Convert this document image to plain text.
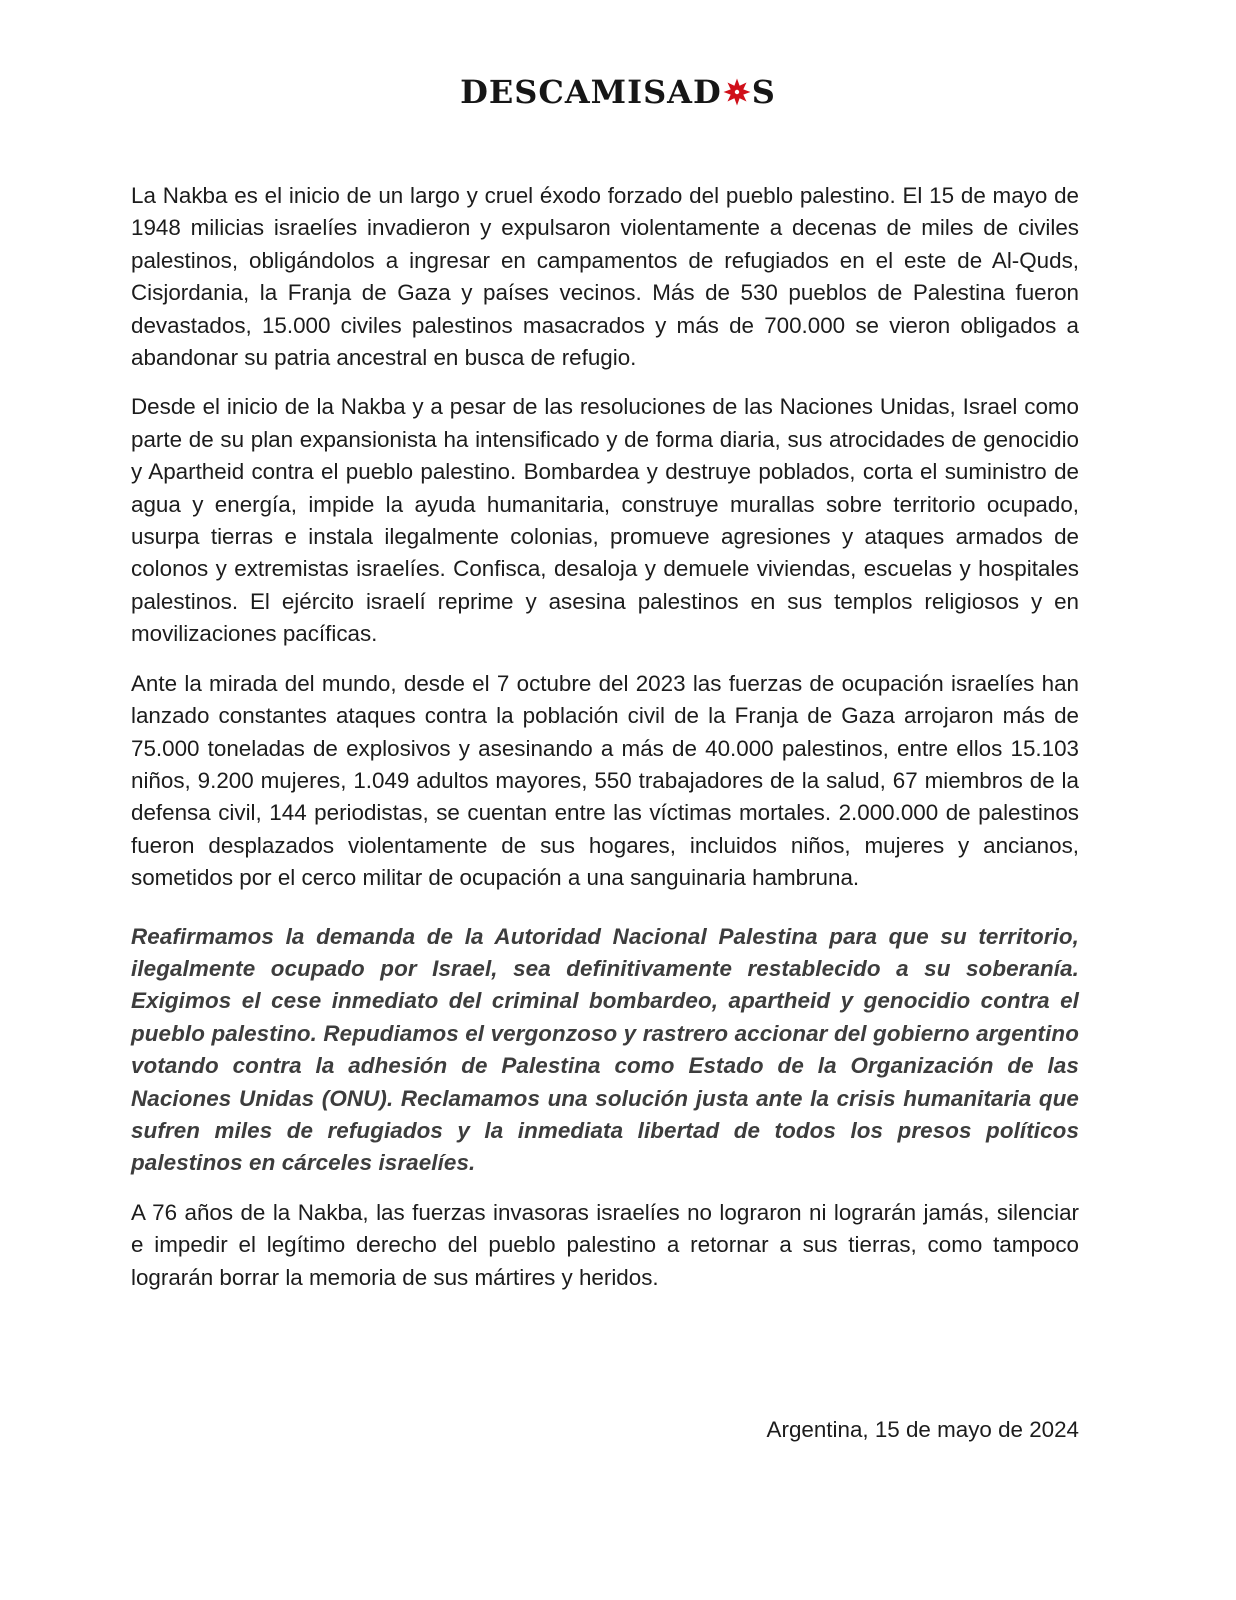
DESCAMISAD S

La Nakba es el inicio de un largo y cruel éxodo forzado del pueblo palestino. El 15 de mayo de 1948 milicias israelíes invadieron y expulsaron violentamente a decenas de miles de civiles palestinos, obligándolos a ingresar en campamentos de refugiados en el este de Al-Quds, Cisjordania, la Franja de Gaza y países vecinos. Más de 530 pueblos de Palestina fueron devastados, 15.000 civiles palestinos masacrados y más de 700.000 se vieron obligados a abandonar su patria ancestral en busca de refugio.

Desde el inicio de la Nakba y a pesar de las resoluciones de las Naciones Unidas, Israel como parte de su plan expansionista ha intensificado y de forma diaria, sus atrocidades de genocidio y Apartheid contra el pueblo palestino. Bombardea y destruye poblados, corta el suministro de agua y energía, impide la ayuda humanitaria, construye murallas sobre territorio ocupado, usurpa tierras e instala ilegalmente colonias, promueve agresiones y ataques armados de colonos y extremistas israelíes. Confisca, desaloja y demuele viviendas, escuelas y hospitales palestinos. El ejército israelí reprime y asesina palestinos en sus templos religiosos y en movilizaciones pacíficas.

Ante la mirada del mundo, desde el 7 octubre del 2023 las fuerzas de ocupación israelíes han lanzado constantes ataques contra la población civil de la Franja de Gaza arrojaron más de 75.000 toneladas de explosivos y asesinando a más de 40.000 palestinos, entre ellos 15.103 niños, 9.200 mujeres, 1.049 adultos mayores, 550 trabajadores de la salud, 67 miembros de la defensa civil, 144 periodistas, se cuentan entre las víctimas mortales. 2.000.000 de palestinos fueron desplazados violentamente de sus hogares, incluidos niños, mujeres y ancianos, sometidos por el cerco militar de ocupación a una sanguinaria hambruna.

Reafirmamos la demanda de la Autoridad Nacional Palestina para que su territorio, ilegalmente ocupado por Israel, sea definitivamente restablecido a su soberanía. Exigimos el cese inmediato del criminal bombardeo, apartheid y genocidio contra el pueblo palestino. Repudiamos el vergonzoso y rastrero accionar del gobierno argentino votando contra la adhesión de Palestina como Estado de la Organización de las Naciones Unidas (ONU). Reclamamos una solución justa ante la crisis humanitaria que sufren miles de refugiados y la inmediata libertad de todos los presos políticos palestinos en cárceles israelíes.

A 76 años de la Nakba, las fuerzas invasoras israelíes no lograron ni lograrán jamás, silenciar e impedir el legítimo derecho del pueblo palestino a retornar a sus tierras, como tampoco lograrán borrar la memoria de sus mártires y heridos.

Argentina, 15 de mayo de 2024
